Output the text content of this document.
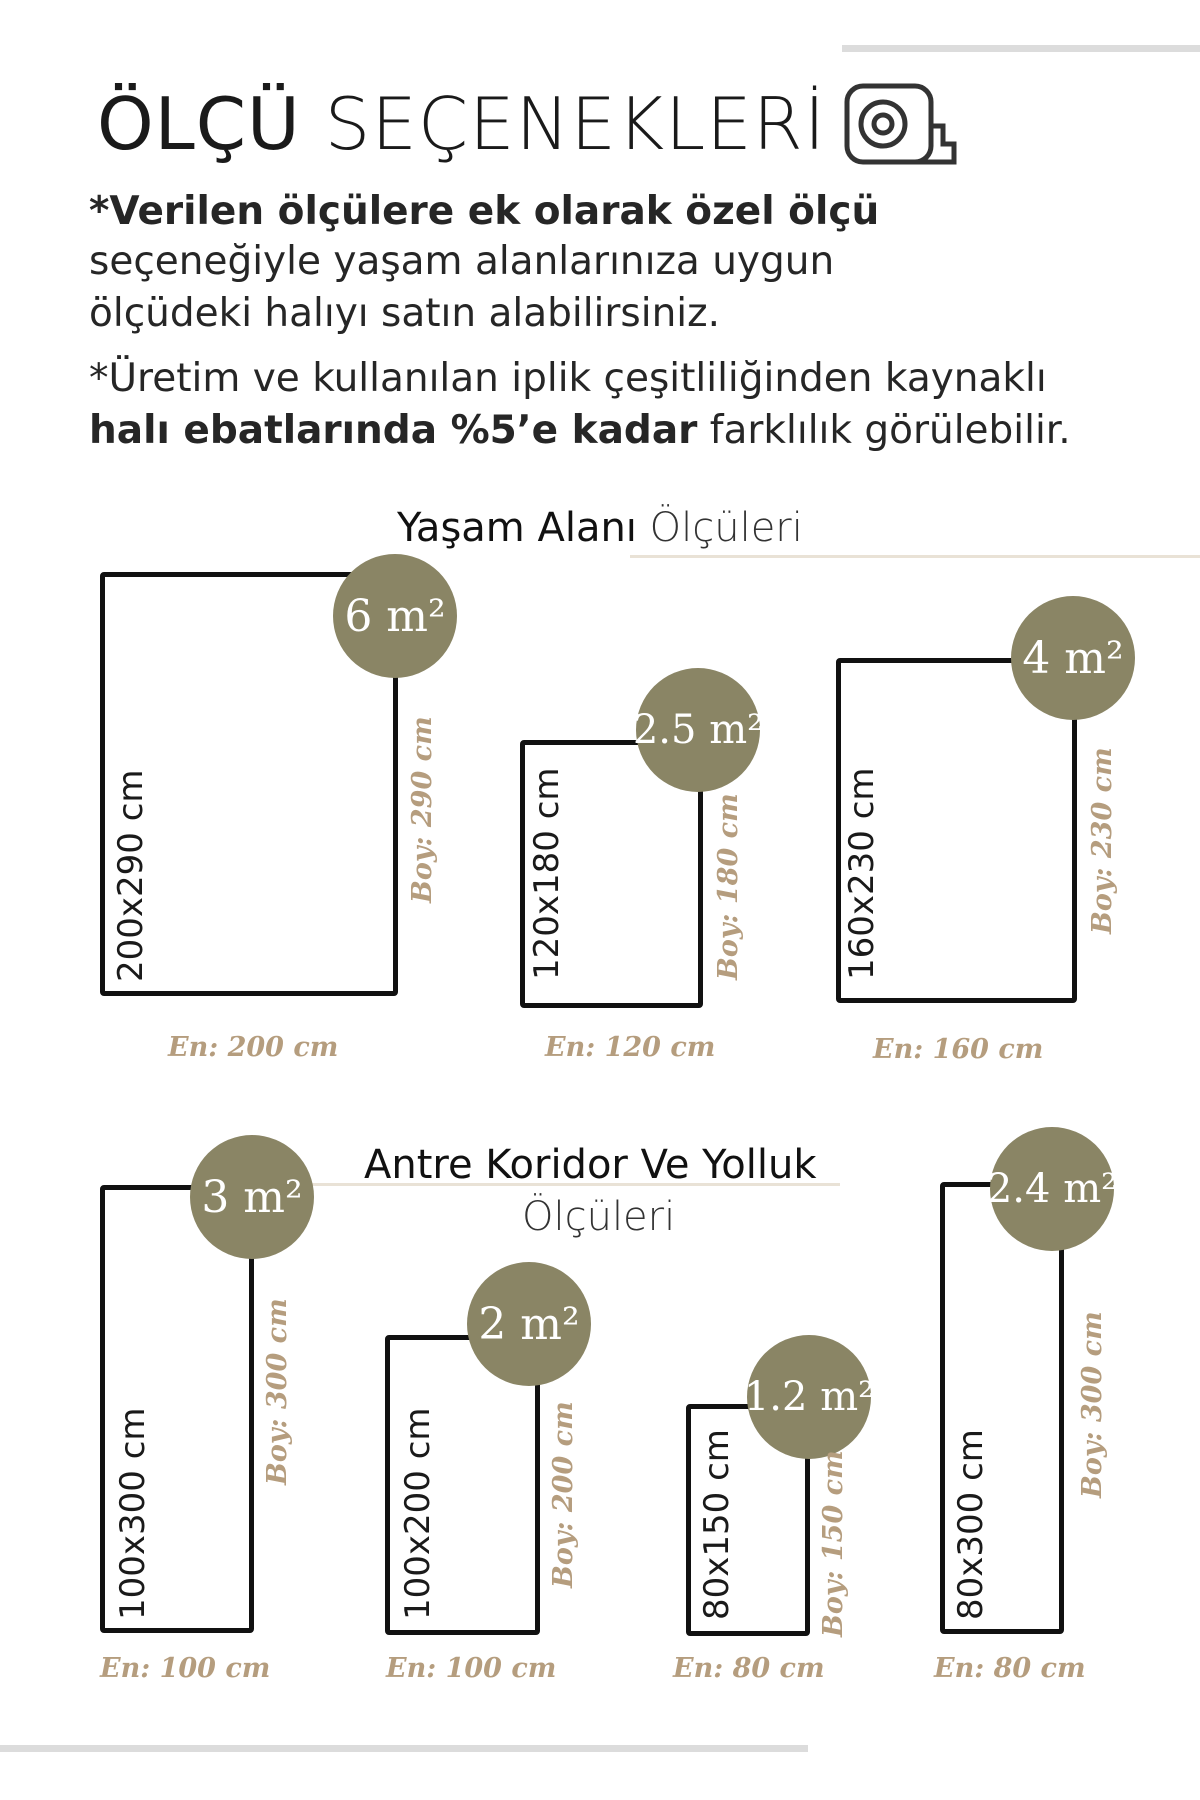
ÖLÇÜ SEÇENEKLERİ
*Verilen ölçülere ek olarak özel ölçü
seçeneğiyle yaşam alanlarınıza uygun
ölçüdeki halıyı satın alabilirsiniz.
*Üretim ve kullanılan iplik çeşitliliğinden kaynaklı
halı ebatlarında %5’e kadar farklılık görülebilir.
Yaşam Alanı Ölçüleri
200x290 cm
6 m²
Boy: 290 cm
En: 200 cm
120x180 cm
2.5 m²
Boy: 180 cm
En: 120 cm
160x230 cm
4 m²
Boy: 230 cm
En: 160 cm
Antre Koridor Ve Yolluk
Ölçüleri
100x300 cm
3 m²
Boy: 300 cm
En: 100 cm
100x200 cm
2 m²
Boy: 200 cm
En: 100 cm
80x150 cm
1.2 m²
Boy: 150 cm
En: 80 cm
80x300 cm
2.4 m²
Boy: 300 cm
En: 80 cm
